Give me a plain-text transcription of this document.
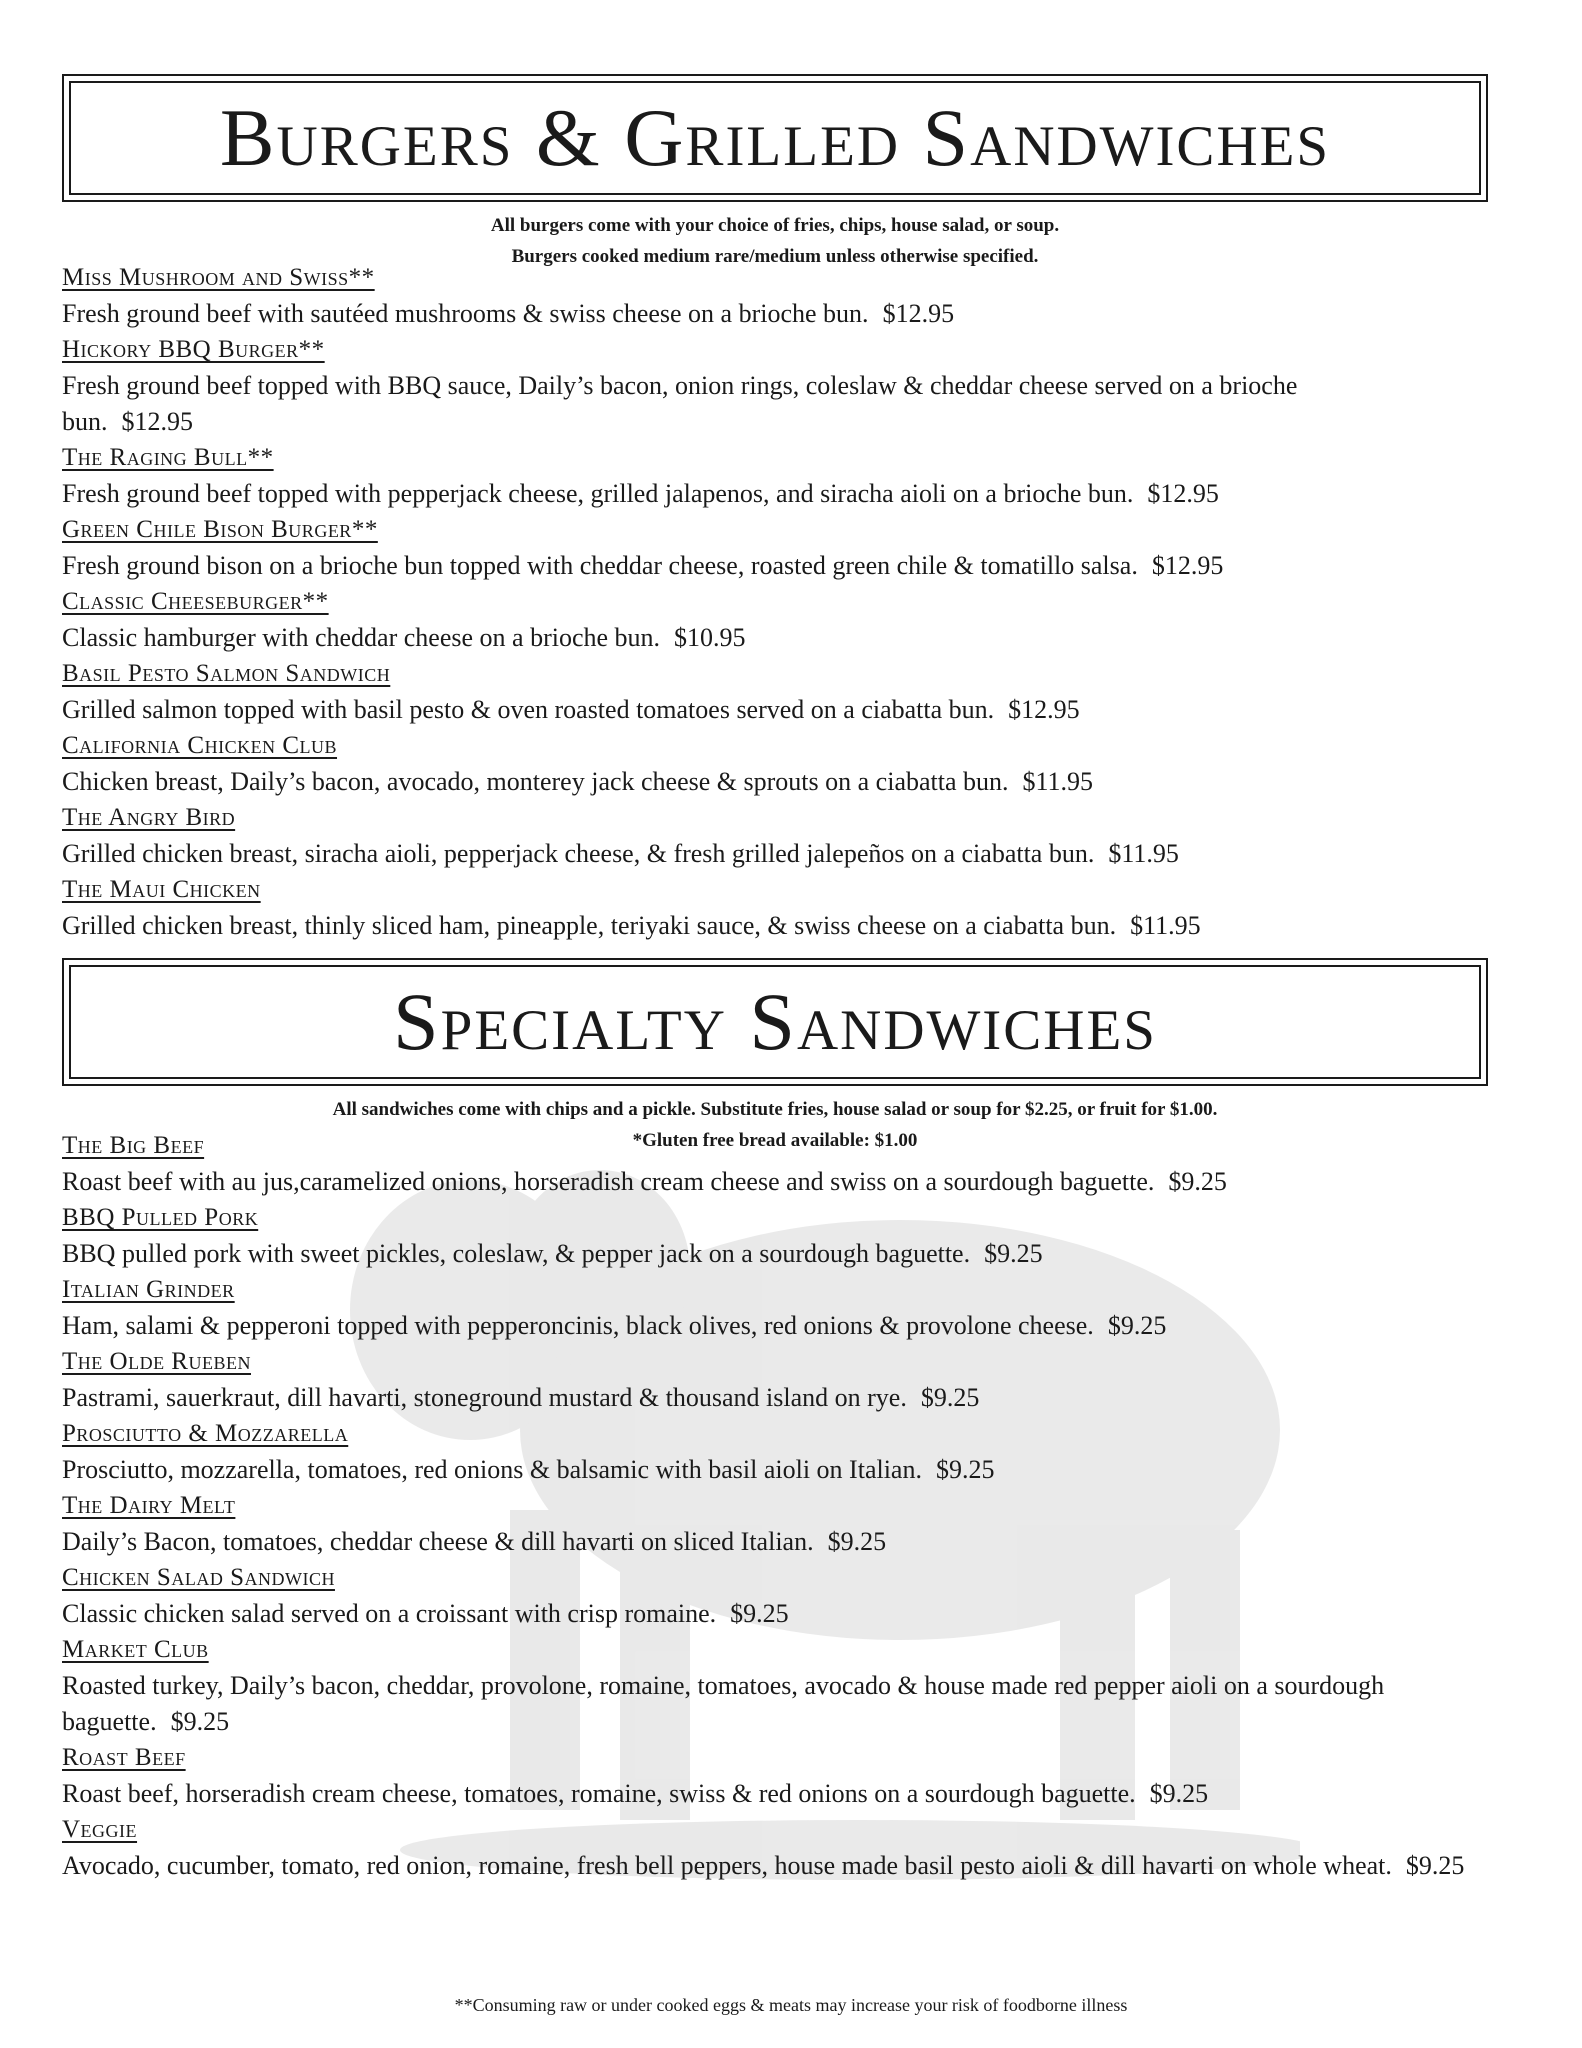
Burgers & Grilled Sandwiches
All burgers come with your choice of fries, chips, house salad, or soup.
Burgers cooked medium rare/medium unless otherwise specified.
Miss Mushroom and Swiss**
Fresh ground beef with sautéed mushrooms & swiss cheese on a brioche bun. $12.95
Hickory BBQ Burger**
Fresh ground beef topped with BBQ sauce, Daily’s bacon, onion rings, coleslaw & cheddar cheese served on a brioche bun. $12.95
The Raging Bull**
Fresh ground beef topped with pepperjack cheese, grilled jalapenos, and siracha aioli on a brioche bun. $12.95
Green Chile Bison Burger**
Fresh ground bison on a brioche bun topped with cheddar cheese, roasted green chile & tomatillo salsa. $12.95
Classic Cheeseburger**
Classic hamburger with cheddar cheese on a brioche bun. $10.95
Basil Pesto Salmon Sandwich
Grilled salmon topped with basil pesto & oven roasted tomatoes served on a ciabatta bun. $12.95
California Chicken Club
Chicken breast, Daily’s bacon, avocado, monterey jack cheese & sprouts on a ciabatta bun. $11.95
The Angry Bird
Grilled chicken breast, siracha aioli, pepperjack cheese, & fresh grilled jalepeños on a ciabatta bun. $11.95
The Maui Chicken
Grilled chicken breast, thinly sliced ham, pineapple, teriyaki sauce, & swiss cheese on a ciabatta bun. $11.95
Specialty Sandwiches
All sandwiches come with chips and a pickle. Substitute fries, house salad or soup for $2.25, or fruit for $1.00.
*Gluten free bread available: $1.00
The Big Beef
Roast beef with au jus,caramelized onions, horseradish cream cheese and swiss on a sourdough baguette. $9.25
BBQ Pulled Pork
BBQ pulled pork with sweet pickles, coleslaw, & pepper jack on a sourdough baguette. $9.25
Italian Grinder
Ham, salami & pepperoni topped with pepperoncinis, black olives, red onions & provolone cheese. $9.25
The Olde Rueben
Pastrami, sauerkraut, dill havarti, stoneground mustard & thousand island on rye. $9.25
Prosciutto & Mozzarella
Prosciutto, mozzarella, tomatoes, red onions & balsamic with basil aioli on Italian. $9.25
The Dairy Melt
Daily’s Bacon, tomatoes, cheddar cheese & dill havarti on sliced Italian. $9.25
Chicken Salad Sandwich
Classic chicken salad served on a croissant with crisp romaine. $9.25
Market Club
Roasted turkey, Daily’s bacon, cheddar, provolone, romaine, tomatoes, avocado & house made red pepper aioli on a sourdough baguette. $9.25
Roast Beef
Roast beef, horseradish cream cheese, tomatoes, romaine, swiss & red onions on a sourdough baguette. $9.25
Veggie
Avocado, cucumber, tomato, red onion, romaine, fresh bell peppers, house made basil pesto aioli & dill havarti on whole wheat. $9.25
**Consuming raw or under cooked eggs & meats may increase your risk of foodborne illness
